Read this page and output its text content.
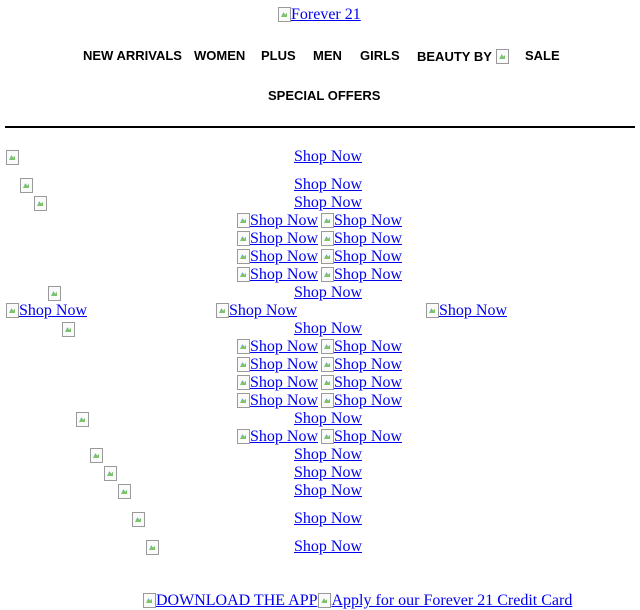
Forever 21
NEW ARRIVALS WOMEN PLUS MEN GIRLS BEAUTY BY	SALE
SPECIAL OFFERS
Shop Now
Shop Now
Shop Now
Shop Now Shop Now
Shop Now Shop Now
Shop Now Shop Now
Shop Now Shop Now
Shop Now
Shop Now	Shop Now	Shop Now
Shop Now
Shop Now Shop Now
Shop Now Shop Now
Shop Now Shop Now
Shop Now Shop Now
Shop Now
Shop Now Shop Now
Shop Now
Shop Now
Shop Now
Shop Now
Shop Now
DOWNLOAD THE APP Apply for our Forever 21 Credit Card
